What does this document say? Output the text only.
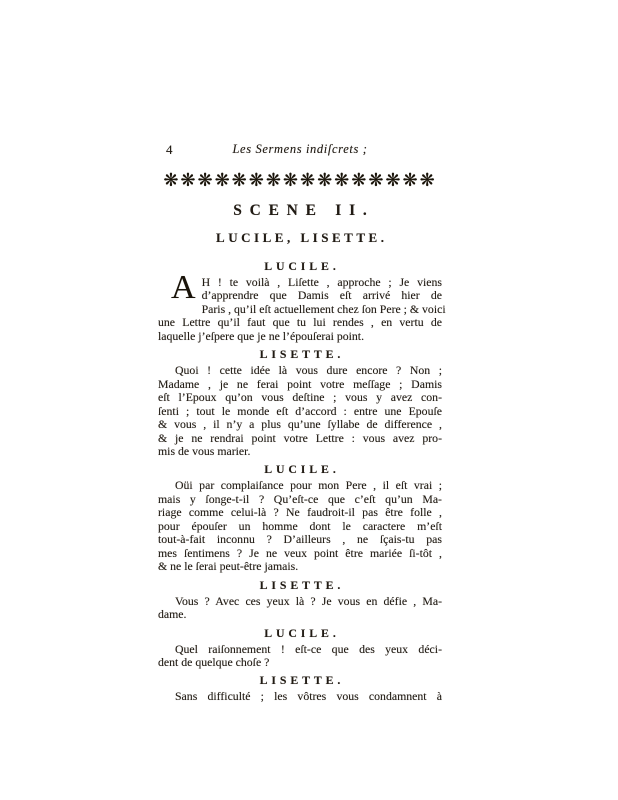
4	Les Sermens indiſcrets ;
❋❋❋❋❋❋❋❋❋❋❋❋❋❋❋❋
SCENE II.
LUCILE, LISETTE.
LUCILE.
A H ! te voilà , Liſette , approche ; Je viens
d’apprendre que Damis eſt arrivé hier de
Paris , qu’il eſt actuellement chez ſon Pere ; & voici
une Lettre qu’il faut que tu lui rendes , en vertu de
laquelle j’eſpere que je ne l’épouſerai point.
LISETTE.
Quoi ! cette idée là vous dure encore ? Non ;
Madame , je ne ferai point votre meſſage ; Damis
eſt l’Epoux qu’on vous deſtine ; vous y avez con-
ſenti ; tout le monde eſt d’accord : entre une Epouſe
& vous , il n’y a plus qu’une ſyllabe de difference ,
& je ne rendrai point votre Lettre : vous avez pro-
mis de vous marier.
LUCILE.
Oüi par complaiſance pour mon Pere , il eſt vrai ;
mais y ſonge-t-il ? Qu’eſt-ce que c’eſt qu’un Ma-
riage comme celui-là ? Ne faudroit-il pas être folle ,
pour épouſer un homme dont le caractere m’eſt
tout-à-fait inconnu ? D’ailleurs , ne ſçais-tu pas
mes ſentimens ? Je ne veux point être mariée ſi-tôt ,
& ne le ſerai peut-être jamais.
LISETTE.
Vous ? Avec ces yeux là ? Je vous en défie , Ma-
dame.
LUCILE.
Quel raiſonnement ! eſt-ce que des yeux déci-
dent de quelque choſe ?
LISETTE.
Sans difficulté ; les vôtres vous condamnent à
